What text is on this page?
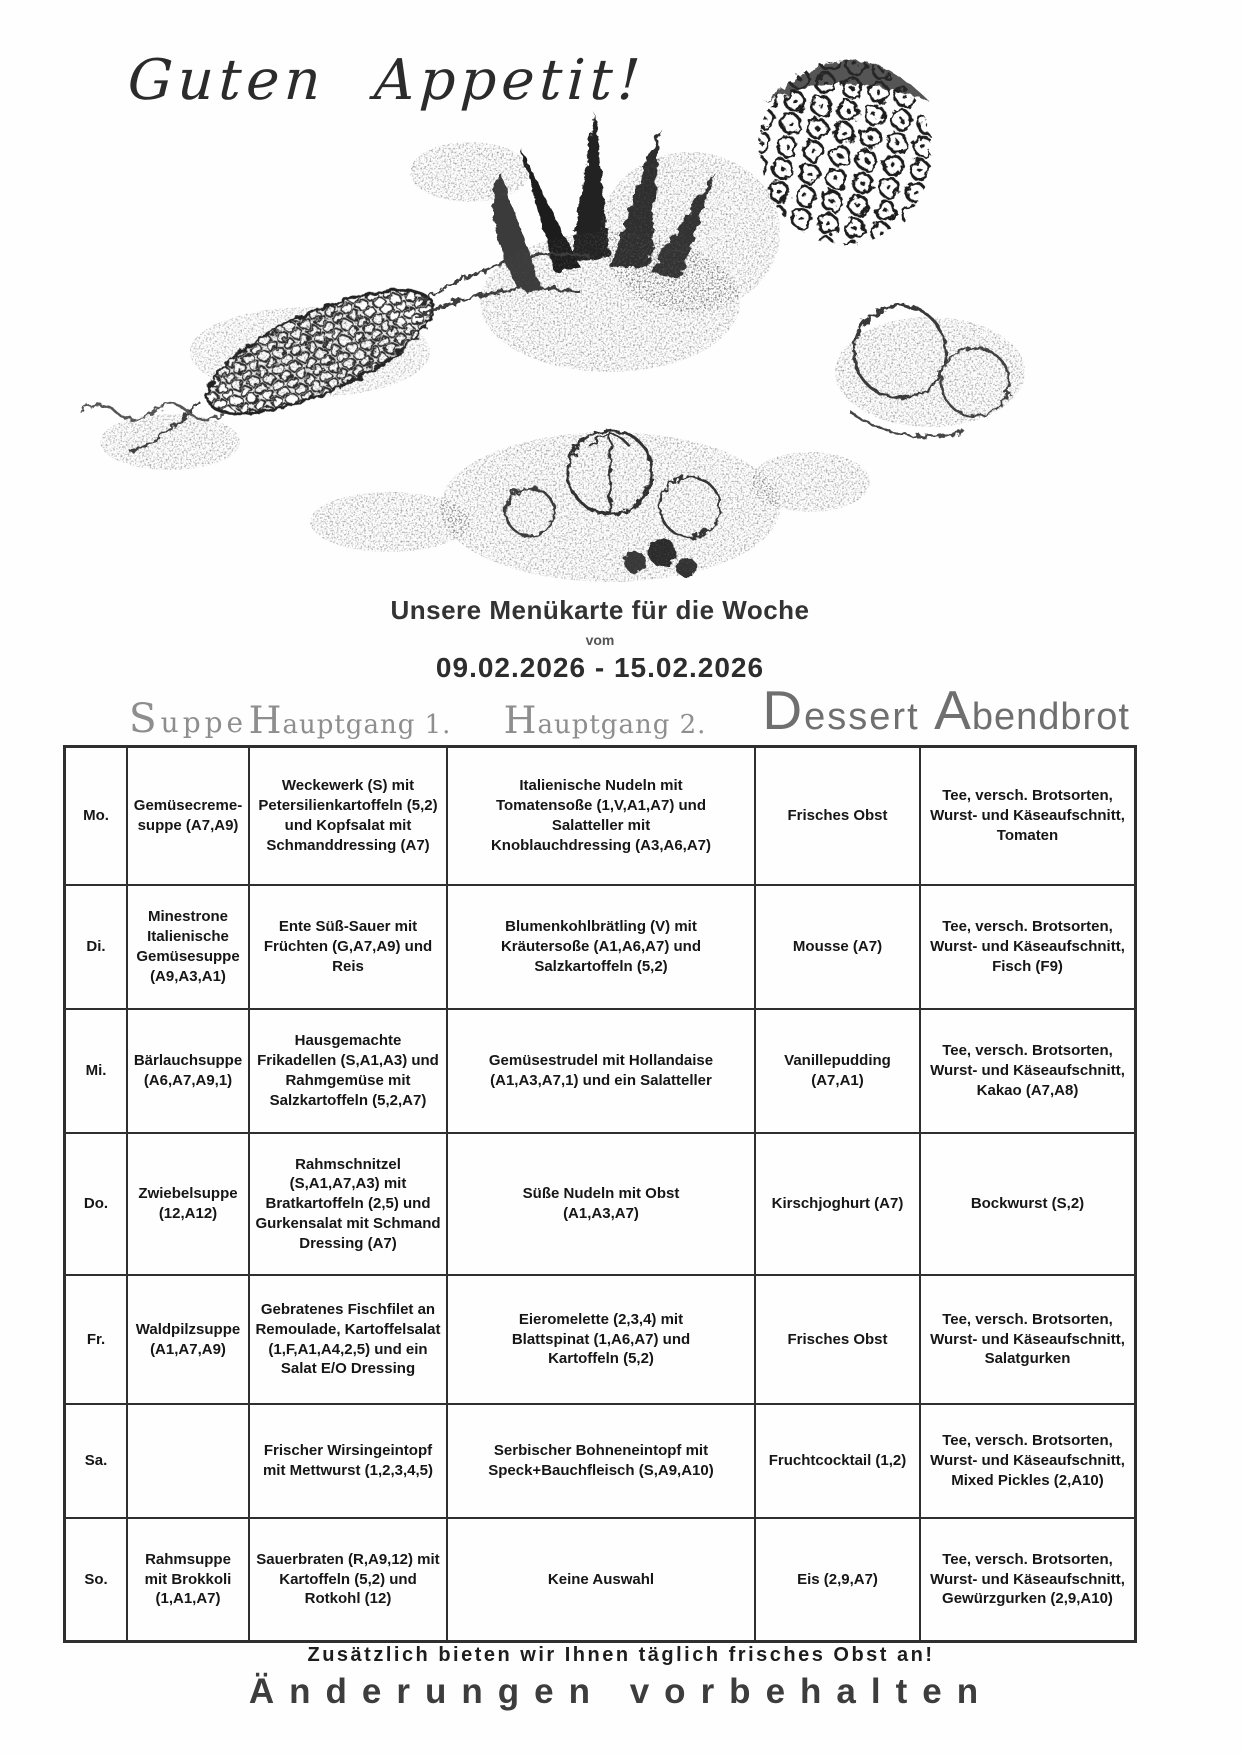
Guten Appetit!
Unsere Menükarte für die Woche
vom
09.02.2026 - 15.02.2026
Suppe Hauptgang 1. Hauptgang 2. Dessert Abendbrot
Mo.
Gemüsecreme-suppe (A7,A9)
Weckewerk (S) mit Petersilienkartoffeln (5,2) und Kopfsalat mit Schmanddressing (A7)
Italienische Nudeln mit Tomatensoße (1,V,A1,A7) und Salatteller mit Knoblauchdressing (A3,A6,A7)
Frisches Obst
Tee, versch. Brotsorten, Wurst- und Käseaufschnitt, Tomaten
Di.
Minestrone Italienische Gemüsesuppe (A9,A3,A1)
Ente Süß-Sauer mit Früchten (G,A7,A9) und Reis
Blumenkohlbrätling (V) mit Kräutersoße (A1,A6,A7) und Salzkartoffeln (5,2)
Mousse (A7)
Tee, versch. Brotsorten, Wurst- und Käseaufschnitt, Fisch (F9)
Mi.
Bärlauchsuppe (A6,A7,A9,1)
Hausgemachte Frikadellen (S,A1,A3) und Rahmgemüse mit Salzkartoffeln (5,2,A7)
Gemüsestrudel mit Hollandaise (A1,A3,A7,1) und ein Salatteller
Vanillepudding (A7,A1)
Tee, versch. Brotsorten, Wurst- und Käseaufschnitt, Kakao (A7,A8)
Do.
Zwiebelsuppe (12,A12)
Rahmschnitzel (S,A1,A7,A3) mit Bratkartoffeln (2,5) und Gurkensalat mit Schmand Dressing (A7)
Süße Nudeln mit Obst (A1,A3,A7)
Kirschjoghurt (A7)	Bockwurst (S,2)
Fr.
Waldpilzsuppe (A1,A7,A9)
Gebratenes Fischfilet an Remoulade, Kartoffelsalat (1,F,A1,A4,2,5) und ein Salat E/O Dressing
Eieromelette (2,3,4) mit Blattspinat (1,A6,A7) und Kartoffeln (5,2)
Frisches Obst
Tee, versch. Brotsorten, Wurst- und Käseaufschnitt, Salatgurken
Sa.
Frischer Wirsingeintopf mit Mettwurst (1,2,3,4,5)
Serbischer Bohneneintopf mit Speck+Bauchfleisch (S,A9,A10)
Fruchtcocktail (1,2)
Tee, versch. Brotsorten, Wurst- und Käseaufschnitt, Mixed Pickles (2,A10)
So.
Rahmsuppe mit Brokkoli (1,A1,A7)
Sauerbraten (R,A9,12) mit Kartoffeln (5,2) und Rotkohl (12)
Keine Auswahl	Eis (2,9,A7)
Tee, versch. Brotsorten, Wurst- und Käseaufschnitt, Gewürzgurken (2,9,A10)
Zusätzlich bieten wir Ihnen täglich frisches Obst an!
Änderungen vorbehalten
